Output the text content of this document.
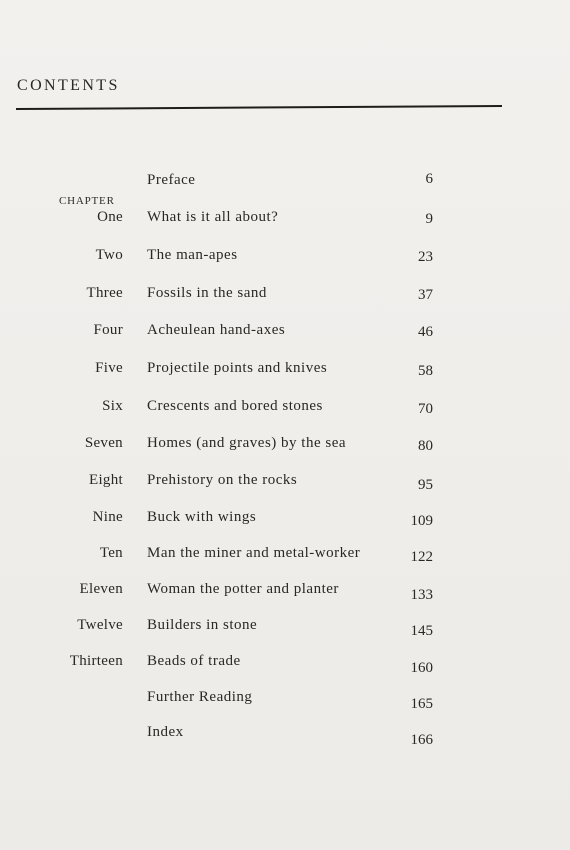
CONTENTS
CHAPTER
Preface	6
One What is it all about?	9
Two The man-apes	23
Three Fossils in the sand	37
Four Acheulean hand-axes	46
Five Projectile points and knives	58
Six Crescents and bored stones	70
Seven Homes (and graves) by the sea	80
Eight Prehistory on the rocks	95
Nine Buck with wings	109
Ten Man the miner and metal-worker	122
Eleven Woman the potter and planter	133
Twelve Builders in stone	145
Thirteen Beads of trade	160
Further Reading	165
Index	166
